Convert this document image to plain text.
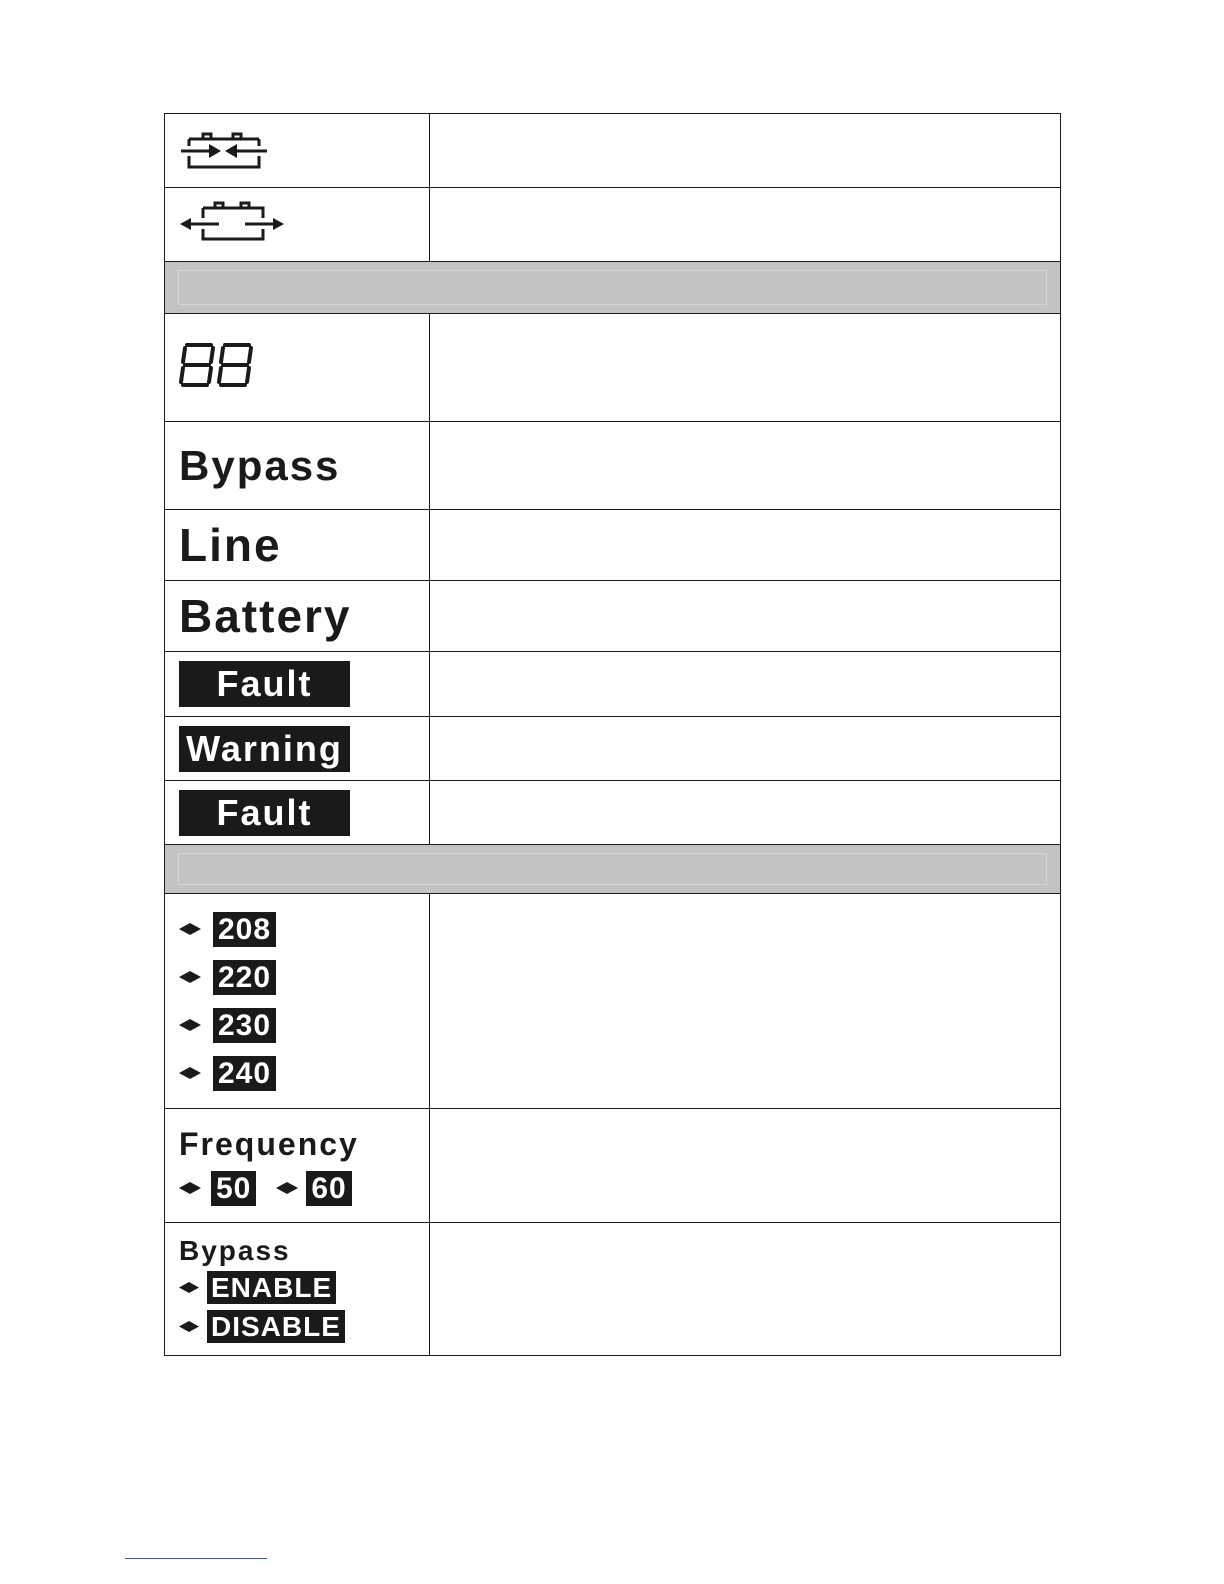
Bypass	
Line	
Battery	
Fault	
Warning	
Fault	

208
220
230
240	

Frequency
50 60	

Bypass
ENABLE
DISABLE	
